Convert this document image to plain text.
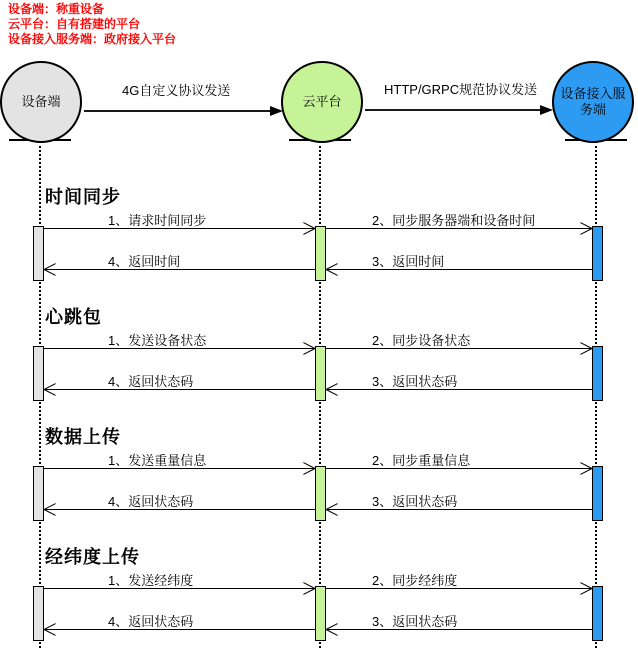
设备端：称重设备
云平台：自有搭建的平台
设备接入服务端：政府接入平台
设备端	云平台
设备接入服务端
4G自定义协议发送	HTTP/GRPC规范协议发送
时间同步
1、请求时间同步	2、同步服务器端和设备时间
3、返回时间
4、返回时间
心跳包
1、发送设备状态	2、同步设备状态
3、返回状态码
4、返回状态码
数据上传
1、发送重量信息	2、同步重量信息
3、返回状态码
4、返回状态码
经纬度上传
1、发送经纬度	2、同步经纬度
3、返回状态码
4、返回状态码
